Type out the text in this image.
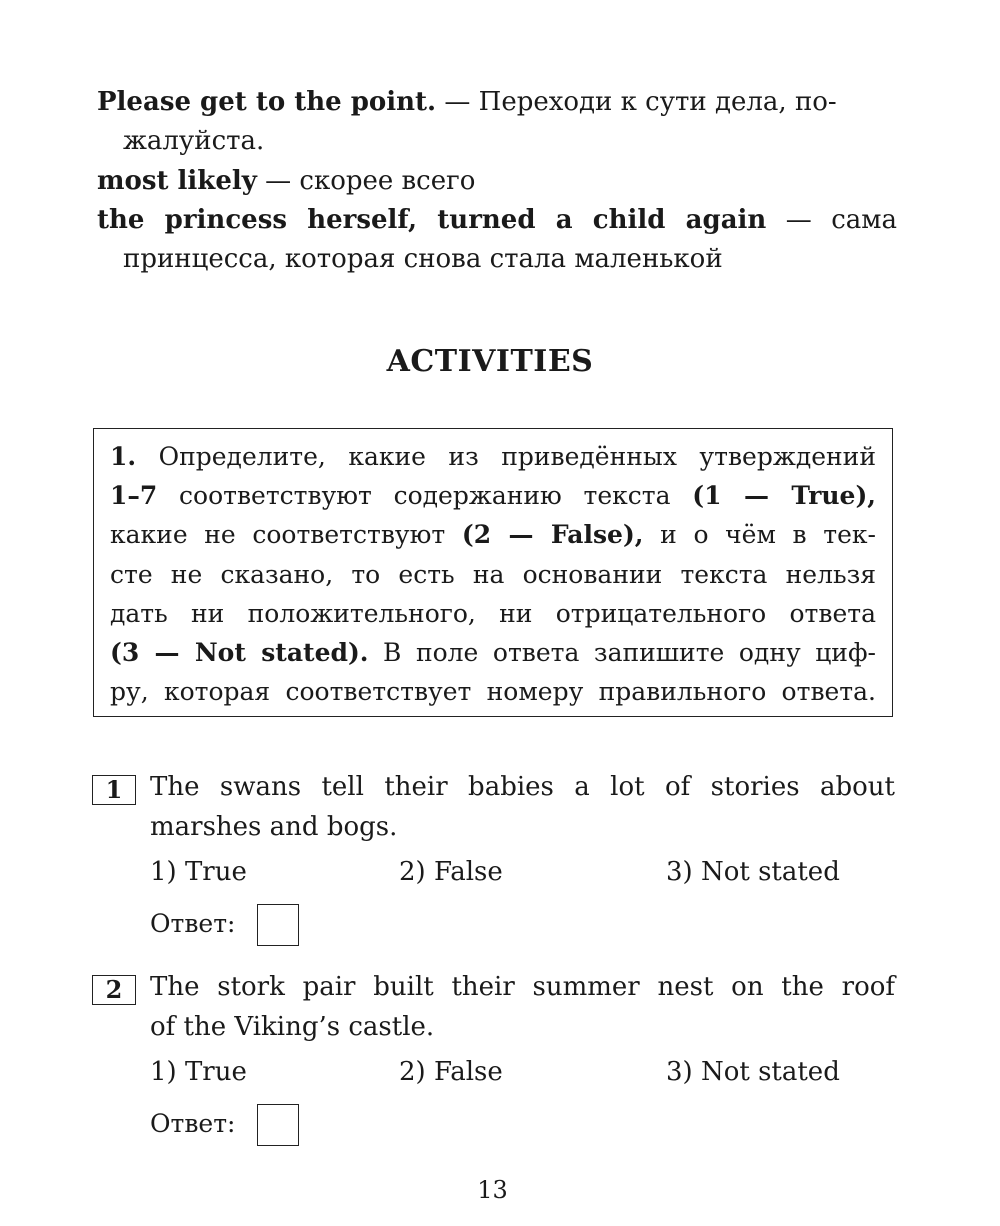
Please get to the point. — Переходи к сути дела, по-
жалуйста.
most likely — скорее всего
the princess herself, turned a child again — сама
принцесса, которая снова стала маленькой
ACTIVITIES
1. Определите, какие из приведённых утверждений
1–7 соответствуют содержанию текста (1 — True),
какие не соответствуют (2 — False), и о чём в тек-
сте не сказано, то есть на основании текста нельзя
дать ни положительного, ни отрицательного ответа
(3 — Not stated). В поле ответа запишите одну циф-
ру, которая соответствует номеру правильного ответа.
1	The swans tell their babies a lot of stories about
marshes and bogs.
1) True	2) False	3) Not stated
Ответ:
2	The stork pair built their summer nest on the roof
of the Viking’s castle.
1) True	2) False	3) Not stated
Ответ:
13
